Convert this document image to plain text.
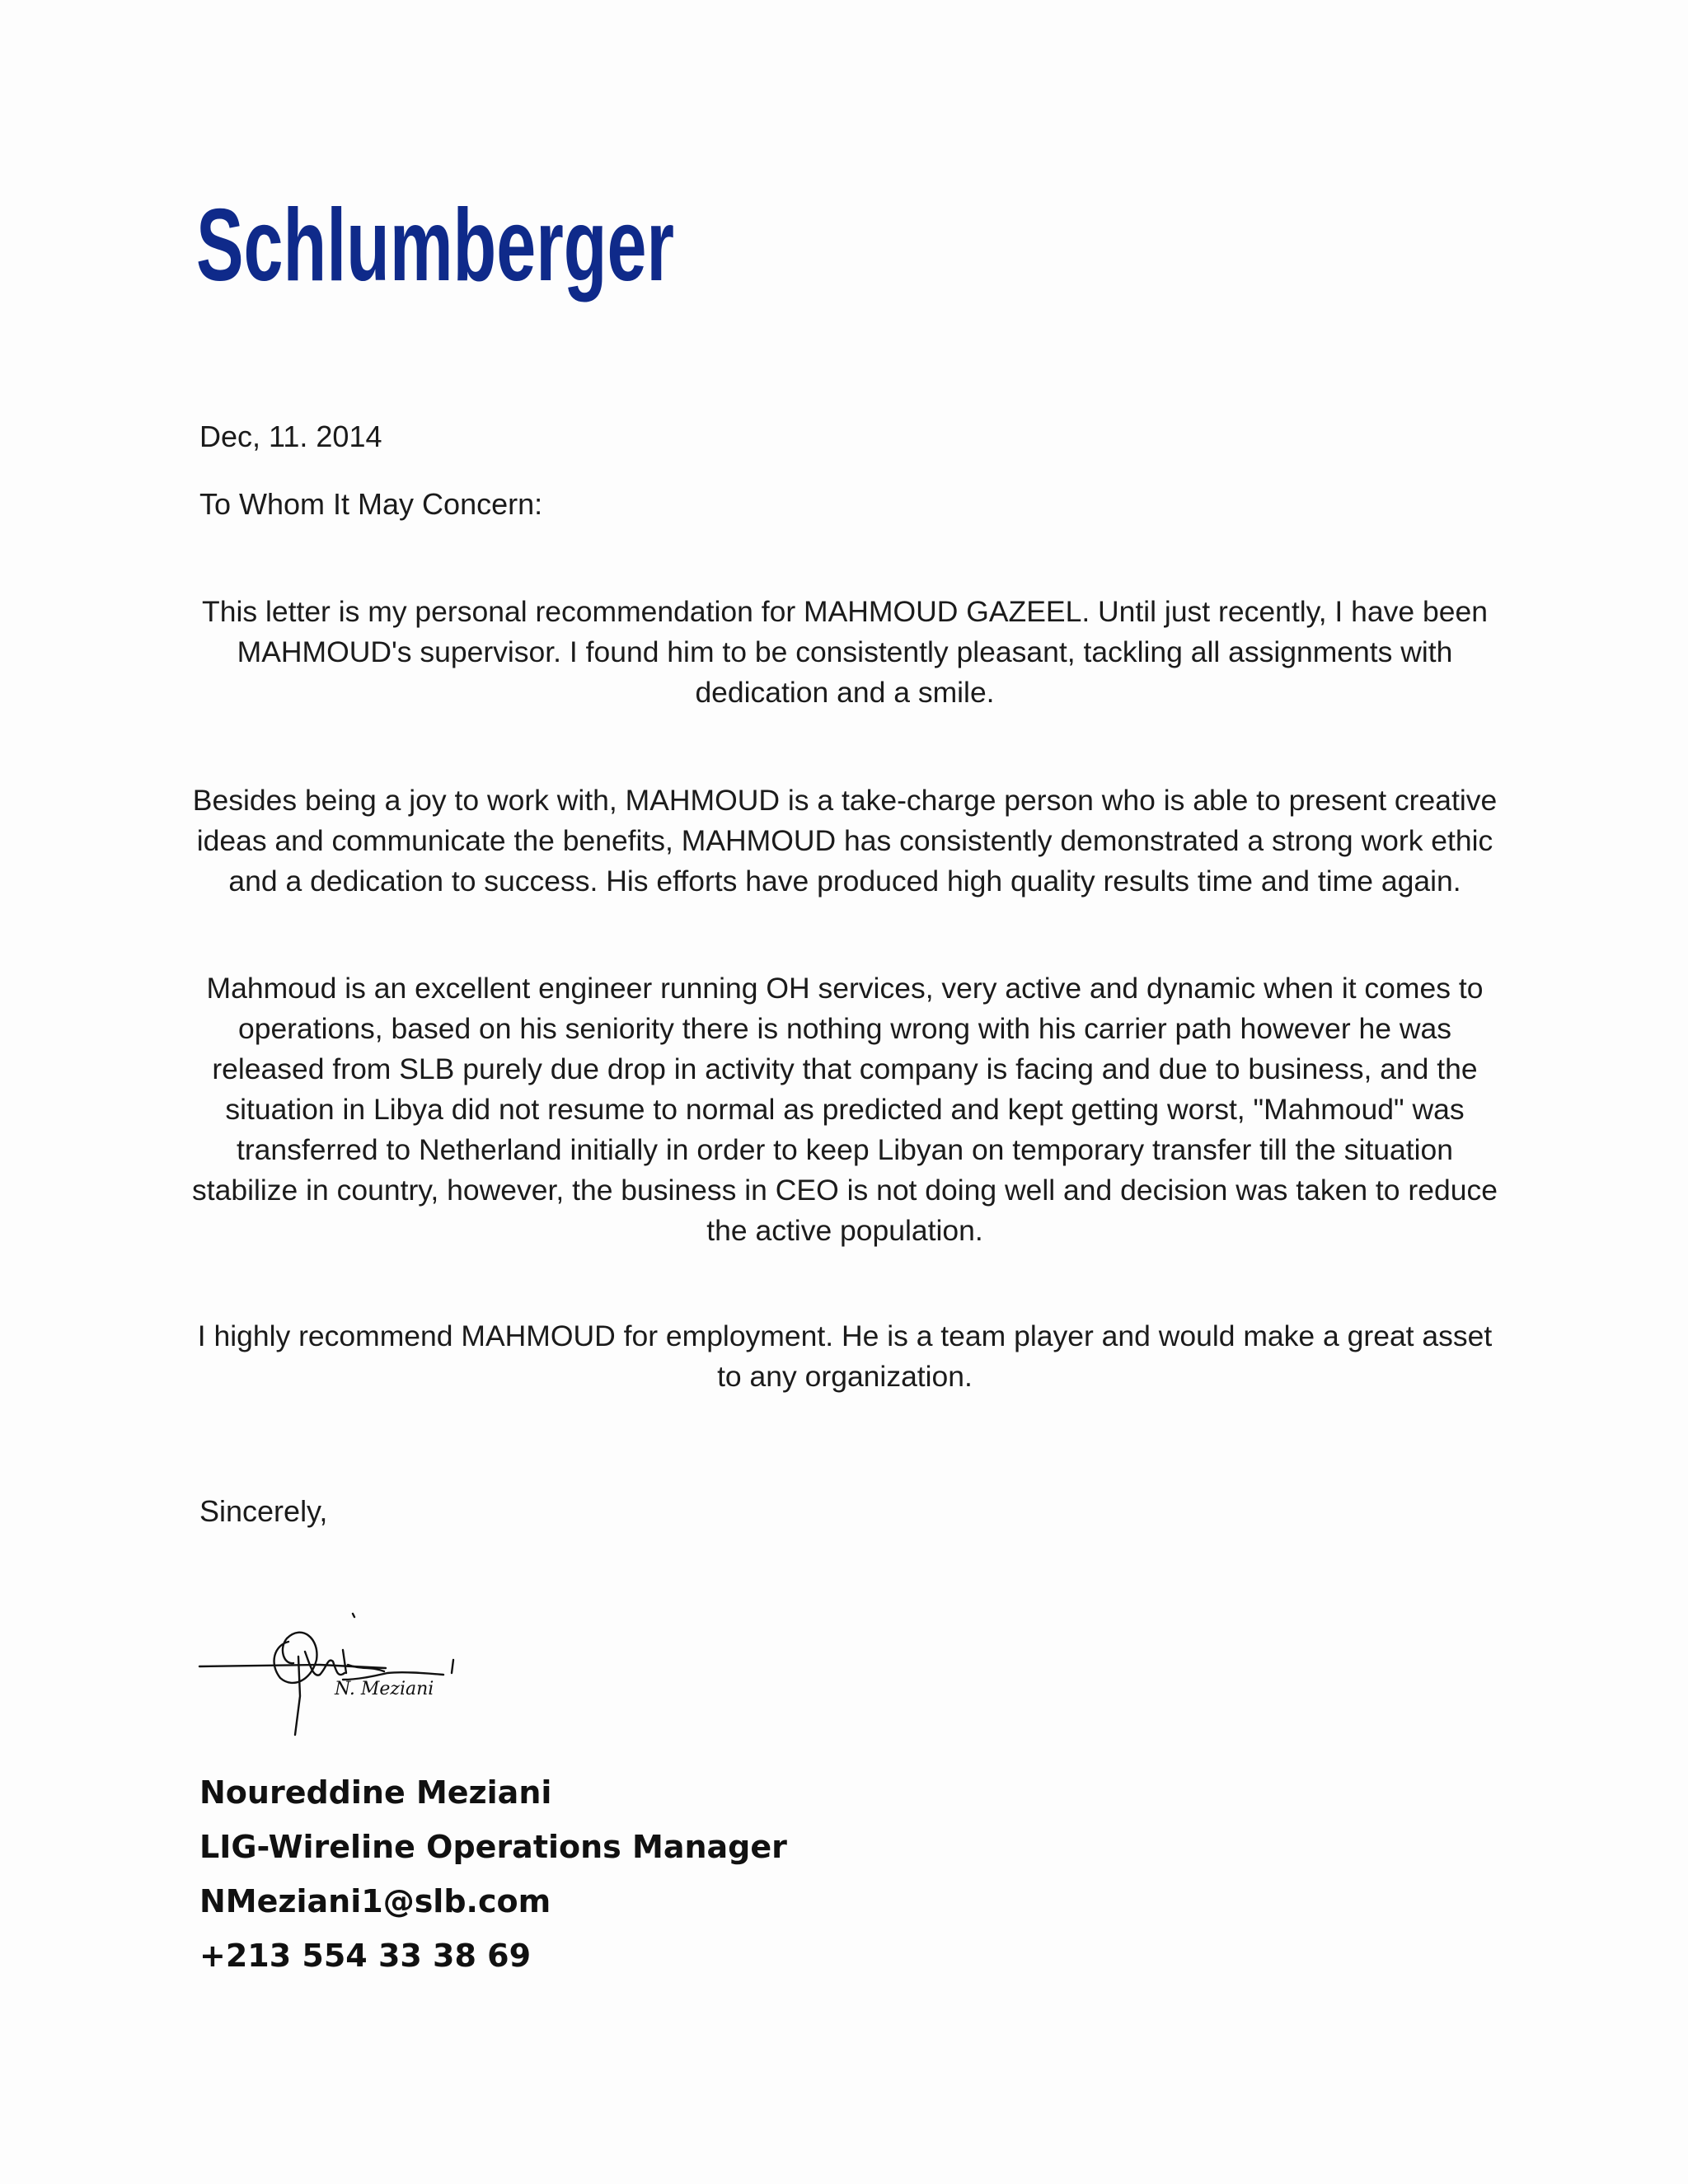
Schlumberger
Dec, 11. 2014
To Whom It May Concern:

This letter is my personal recommendation for MAHMOUD GAZEEL. Until just recently, I have been MAHMOUD's supervisor. I found him to be consistently pleasant, tackling all assignments with dedication and a smile.

Besides being a joy to work with, MAHMOUD is a take-charge person who is able to present creative ideas and communicate the benefits, MAHMOUD has consistently demonstrated a strong work ethic and a dedication to success. His efforts have produced high quality results time and time again.

Mahmoud is an excellent engineer running OH services, very active and dynamic when it comes to operations, based on his seniority there is nothing wrong with his carrier path however he was released from SLB purely due drop in activity that company is facing and due to business, and the situation in Libya did not resume to normal as predicted and kept getting worst, "Mahmoud" was transferred to Netherland initially in order to keep Libyan on temporary transfer till the situation stabilize in country, however, the business in CEO is not doing well and decision was taken to reduce the active population.

I highly recommend MAHMOUD for employment. He is a team player and would make a great asset to any organization.

Sincerely,
N. Meziani
Noureddine Meziani
LIG-Wireline Operations Manager
NMeziani1@slb.com
+213 554 33 38 69
